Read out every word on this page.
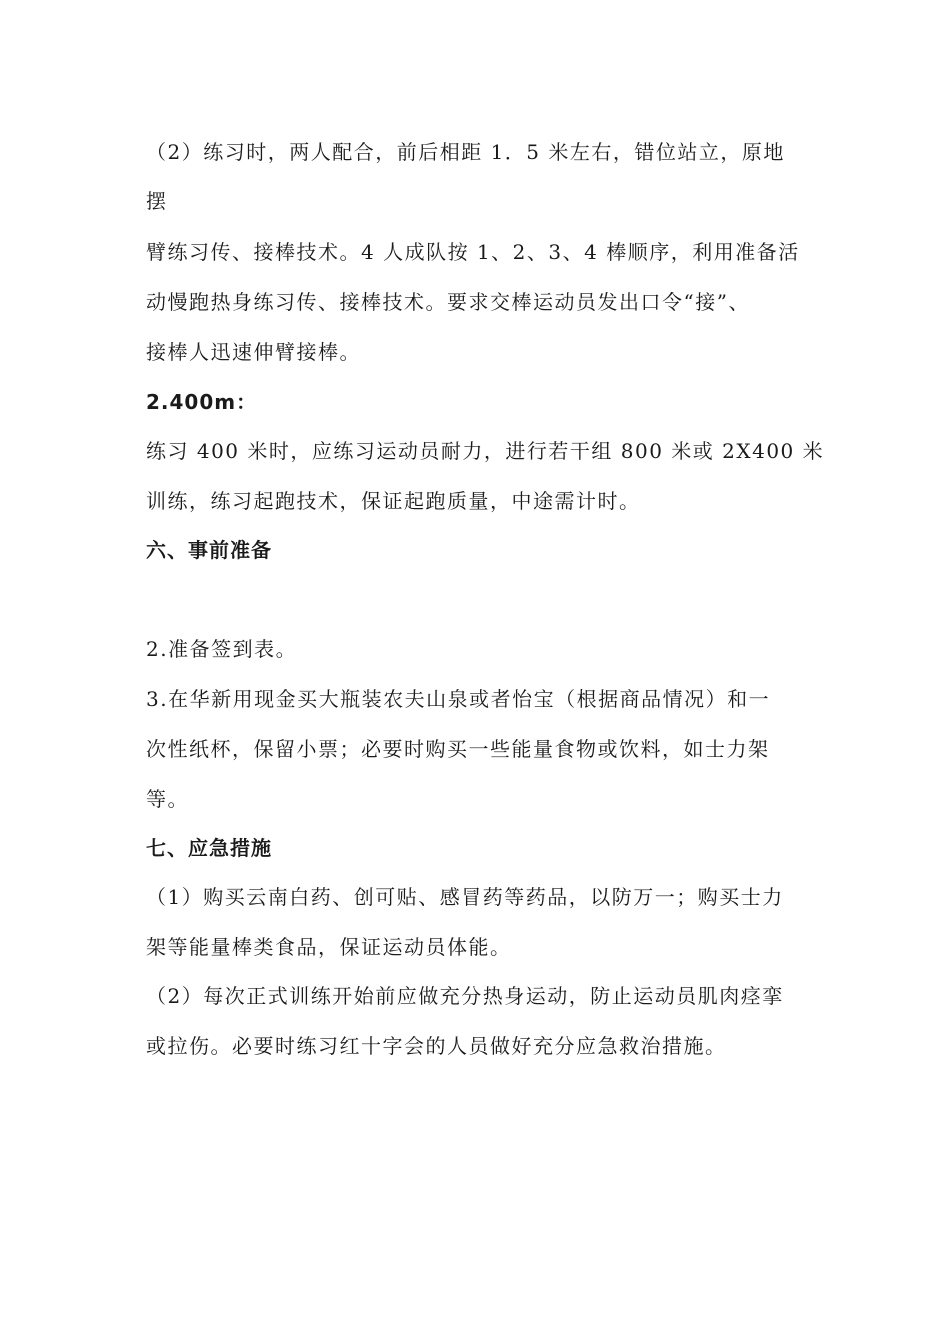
（2）练习时，两人配合，前后相距 1．5 米左右，错位站立，原地
摆
臂练习传、接棒技术。4 人成队按 1、2、3、4 棒顺序，利用准备活
动慢跑热身练习传、接棒技术。要求交棒运动员发出口令“接”、
接棒人迅速伸臂接棒。
2.400m：
练习 400 米时，应练习运动员耐力，进行若干组 800 米或 2X400 米
训练，练习起跑技术，保证起跑质量，中途需计时。
六、事前准备
2.准备签到表。
3.在华新用现金买大瓶装农夫山泉或者怡宝（根据商品情况）和一
次性纸杯，保留小票；必要时购买一些能量食物或饮料，如士力架
等。
七、应急措施
（1）购买云南白药、创可贴、感冒药等药品，以防万一；购买士力
架等能量棒类食品，保证运动员体能。
（2）每次正式训练开始前应做充分热身运动，防止运动员肌肉痉挛
或拉伤。必要时练习红十字会的人员做好充分应急救治措施。
